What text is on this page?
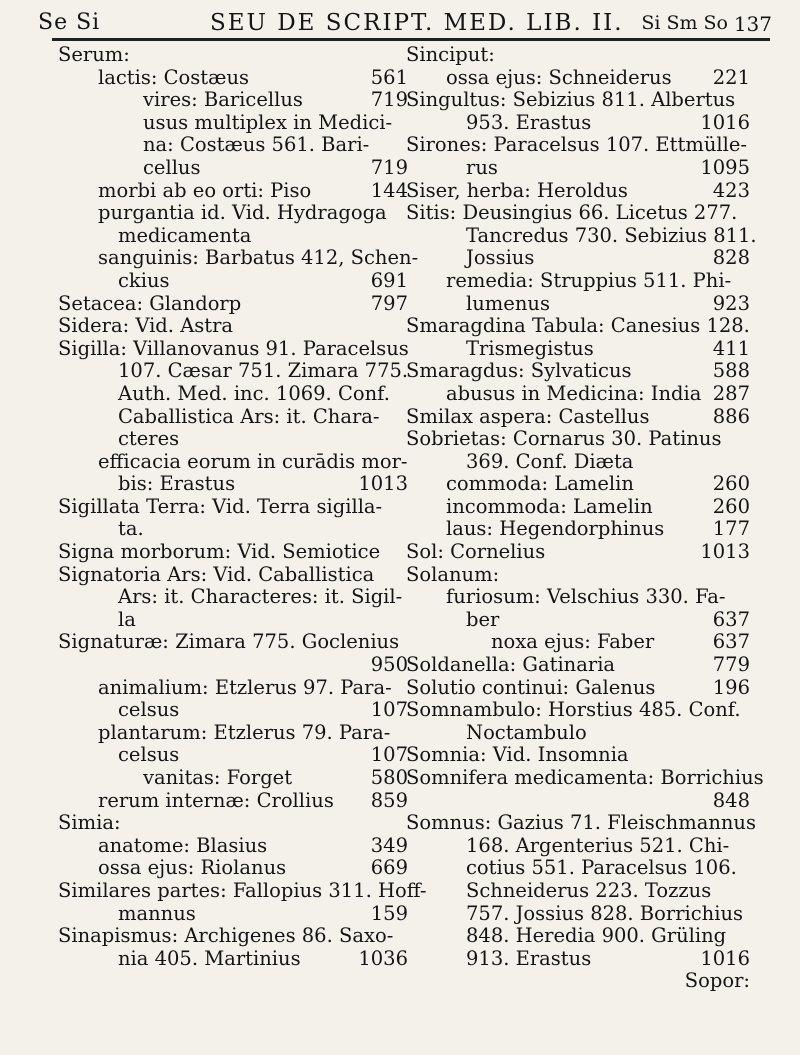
Se Si	SEU DE SCRIPT. MED. LIB. II. Si Sm So 137
Serum:
lactis: Costæus	561
vires: Baricellus	719
usus multiplex in Medici-
na: Costæus 561. Bari-
cellus	719
morbi ab eo orti: Piso	144
purgantia id. Vid. Hydragoga
medicamenta
sanguinis: Barbatus 412, Schen-
ckius	691
Setacea: Glandorp	797
Sidera: Vid. Astra
Sigilla: Villanovanus 91. Paracelsus
107. Cæsar 751. Zimara 775.
Auth. Med. inc. 1069. Conf.
Caballistica Ars: it. Chara-
cteres
efficacia eorum in curādis mor-
bis: Erastus	1013
Sigillata Terra: Vid. Terra sigilla-
ta.
Signa morborum: Vid. Semiotice
Signatoria Ars: Vid. Caballistica
Ars: it. Characteres: it. Sigil-
la
Signaturæ: Zimara 775. Goclenius
950
animalium: Etzlerus 97. Para-
celsus	107
plantarum: Etzlerus 79. Para-
celsus	107
vanitas: Forget	580
rerum internæ: Crollius 859
Simia:
anatome: Blasius	349
ossa ejus: Riolanus	669
Similares partes: Fallopius 311. Hoff-
mannus	159
Sinapismus: Archigenes 86. Saxo-
nia 405. Martinius	1036
Sinciput:
ossa ejus: Schneiderus 221
Singultus: Sebizius 811. Albertus
953. Erastus	1016
Sirones: Paracelsus 107. Ettmülle-
rus	1095
Siser, herba: Heroldus	423
Sitis: Deusingius 66. Licetus 277.
Tancredus 730. Sebizius 811.
Jossius	828
remedia: Struppius 511. Phi-
lumenus	923
Smaragdina Tabula: Canesius 128.
Trismegistus	411
Smaragdus: Sylvaticus	588
abusus in Medicina: India 287
Smilax aspera: Castellus	886
Sobrietas: Cornarus 30. Patinus
369. Conf. Diæta
commoda: Lamelin	260
incommoda: Lamelin	260
laus: Hegendorphinus 177
Sol: Cornelius	1013
Solanum:
furiosum: Velschius 330. Fa-
ber	637
noxa ejus: Faber	637
Soldanella: Gatinaria	779
Solutio continui: Galenus	196
Somnambulo: Horstius 485. Conf.
Noctambulo
Somnia: Vid. Insomnia
Somnifera medicamenta: Borrichius
848
Somnus: Gazius 71. Fleischmannus
168. Argenterius 521. Chi-
cotius 551. Paracelsus 106.
Schneiderus 223. Tozzus
757. Jossius 828. Borrichius
848. Heredia 900. Grüling
913. Erastus	1016
Sopor:
